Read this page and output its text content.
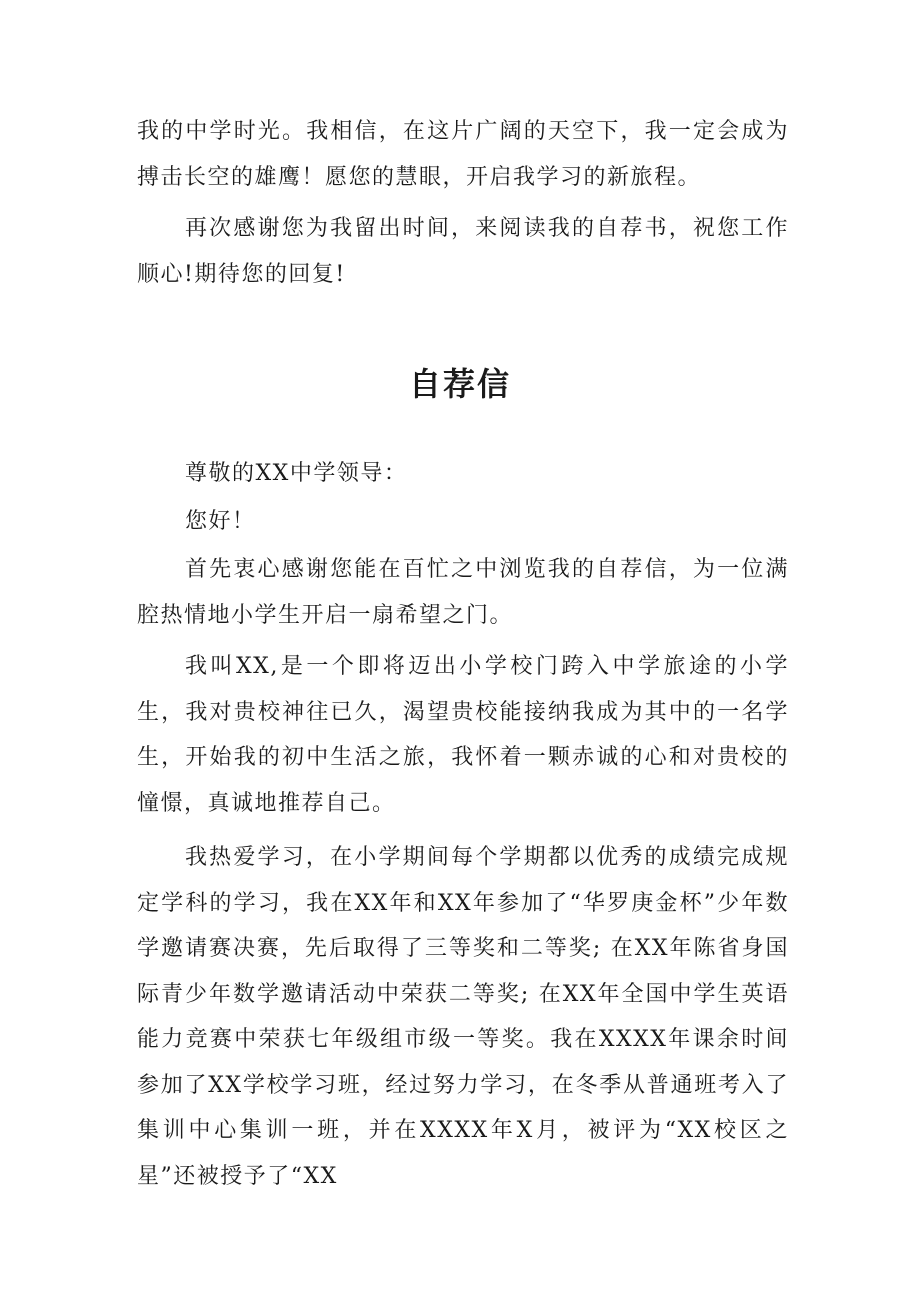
我的中学时光。我相信，在这片广阔的天空下，我一定会成为搏击长空的雄鹰！愿您的慧眼，开启我学习的新旅程。

再次感谢您为我留出时间，来阅读我的自荐书，祝您工作顺心!期待您的回复!

自荐信

尊敬的XX中学领导：

您好！

首先衷心感谢您能在百忙之中浏览我的自荐信，为一位满腔热情地小学生开启一扇希望之门。

我叫XX,是一个即将迈出小学校门跨入中学旅途的小学生，我对贵校神往已久，渴望贵校能接纳我成为其中的一名学生，开始我的初中生活之旅，我怀着一颗赤诚的心和对贵校的憧憬，真诚地推荐自己。

我热爱学习，在小学期间每个学期都以优秀的成绩完成规定学科的学习，我在XX年和XX年参加了“华罗庚金杯”少年数学邀请赛决赛，先后取得了三等奖和二等奖; 在XX年陈省身国际青少年数学邀请活动中荣获二等奖; 在XX年全国中学生英语能力竞赛中荣获七年级组市级一等奖。我在XXXX年课余时间参加了XX学校学习班，经过努力学习，在冬季从普通班考入了集训中心集训一班，并在XXXX年X月，被评为“XX校区之星”还被授予了“XX
